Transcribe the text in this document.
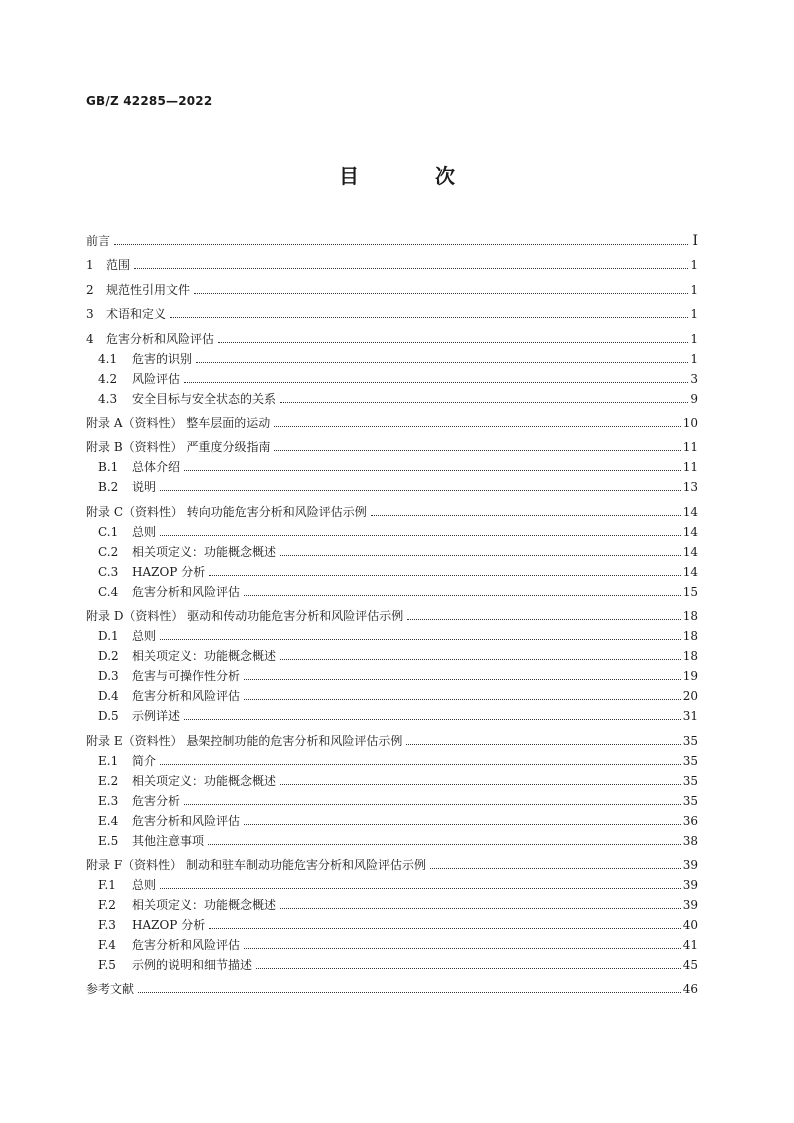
GB/Z 42285—2022
目　次
前言	Ⅰ
1 范围	1
2 规范性引用文件	1
3 术语和定义	1
4 危害分析和风险评估	1
4.1 危害的识别	1
4.2 风险评估	3
4.3 安全目标与安全状态的关系	9
附录 A（资料性） 整车层面的运动	10
附录 B（资料性） 严重度分级指南	11
B.1 总体介绍	11
B.2 说明	13
附录 C（资料性） 转向功能危害分析和风险评估示例	14
C.1 总则	14
C.2 相关项定义：功能概念概述	14
C.3 HAZOP 分析	14
C.4 危害分析和风险评估	15
附录 D（资料性） 驱动和传动功能危害分析和风险评估示例	18
D.1 总则	18
D.2 相关项定义：功能概念概述	18
D.3 危害与可操作性分析	19
D.4 危害分析和风险评估	20
D.5 示例详述	31
附录 E（资料性） 悬架控制功能的危害分析和风险评估示例	35
E.1 简介	35
E.2 相关项定义：功能概念概述	35
E.3 危害分析	35
E.4 危害分析和风险评估	36
E.5 其他注意事项	38
附录 F（资料性） 制动和驻车制动功能危害分析和风险评估示例	39
F.1 总则	39
F.2 相关项定义：功能概念概述	39
F.3 HAZOP 分析	40
F.4 危害分析和风险评估	41
F.5 示例的说明和细节描述	45
参考文献	46
